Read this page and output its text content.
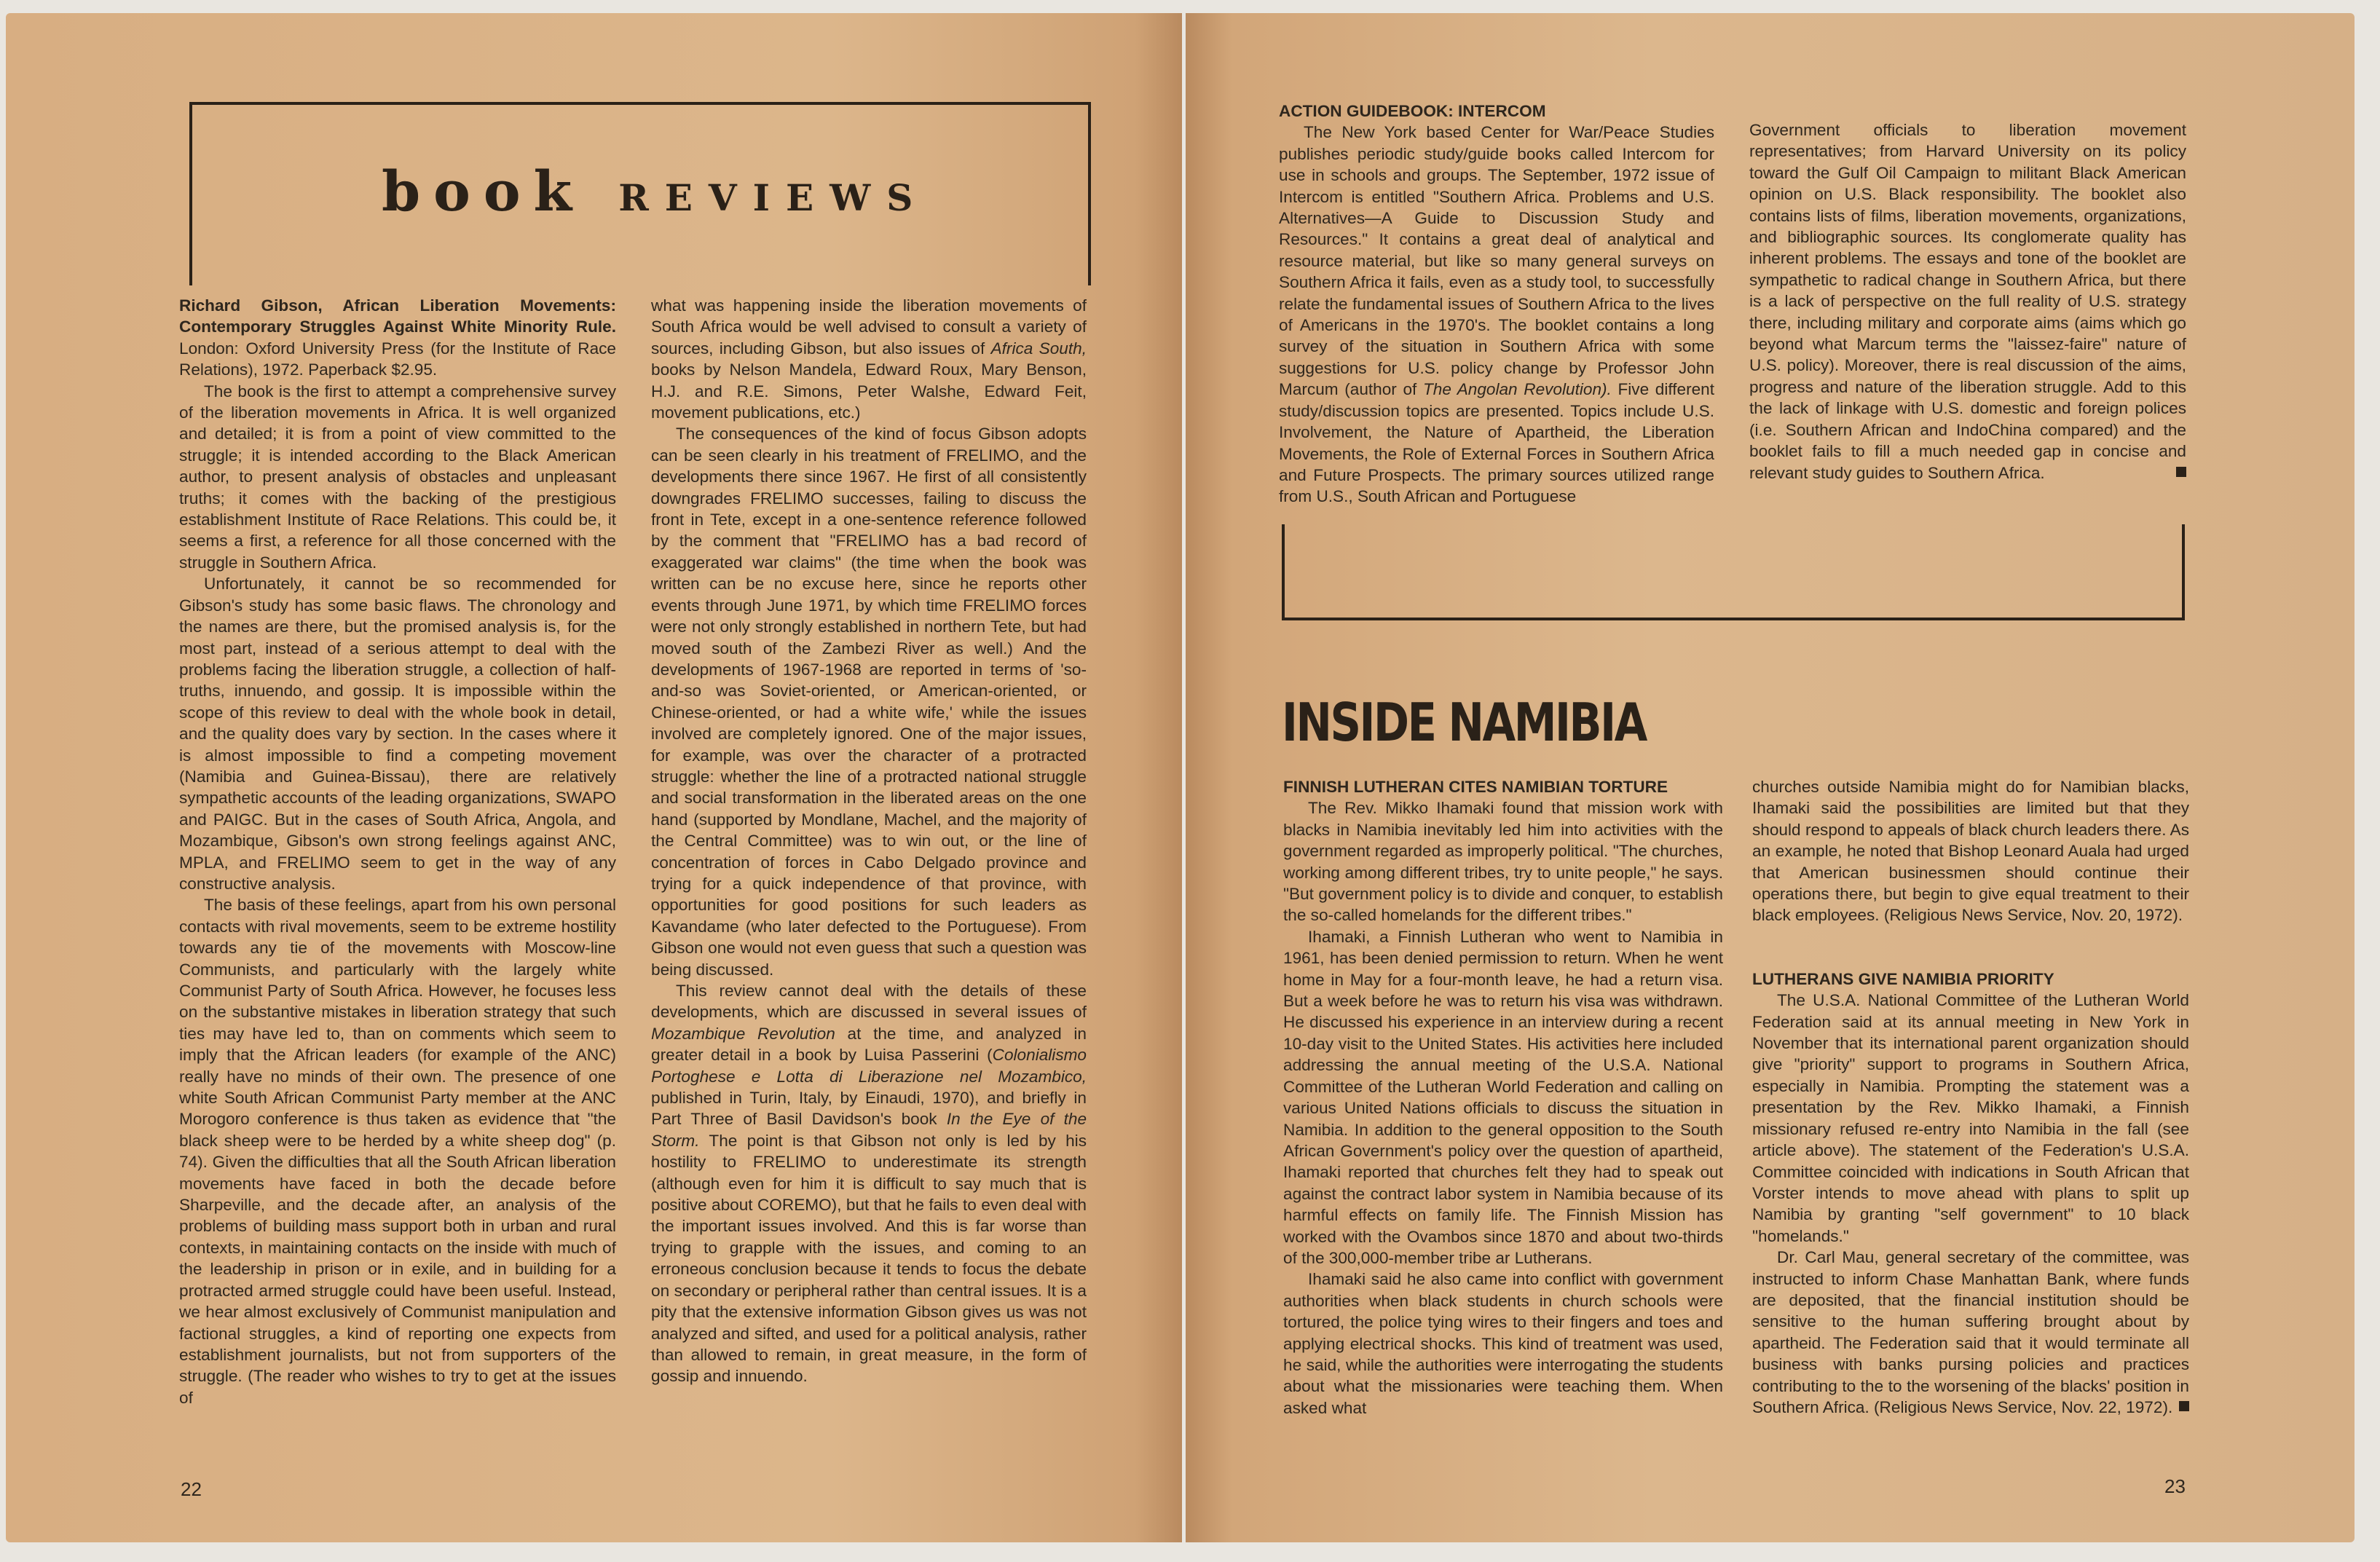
book REVIEWS

Richard Gibson, African Liberation Movements: Contemporary Struggles Against White Minority Rule. London: Oxford University Press (for the Institute of Race Relations), 1972. Paperback $2.95.

The book is the first to attempt a comprehensive survey of the liberation movements in Africa. It is well organized and detailed; it is from a point of view committed to the struggle; it is intended according to the Black American author, to present analysis of obstacles and unpleasant truths; it comes with the backing of the prestigious establishment Institute of Race Relations. This could be, it seems a first, a reference for all those concerned with the struggle in Southern Africa.

Unfortunately, it cannot be so recommended for Gibson's study has some basic flaws. The chronology and the names are there, but the promised analysis is, for the most part, instead of a serious attempt to deal with the problems facing the liberation struggle, a collection of half-truths, innuendo, and gossip. It is impossible within the scope of this review to deal with the whole book in detail, and the quality does vary by section. In the cases where it is almost impossible to find a competing movement (Namibia and Guinea-Bissau), there are relatively sympathetic accounts of the leading organizations, SWAPO and PAIGC. But in the cases of South Africa, Angola, and Mozambique, Gibson's own strong feelings against ANC, MPLA, and FRELIMO seem to get in the way of any constructive analysis.

The basis of these feelings, apart from his own personal contacts with rival movements, seem to be extreme hostility towards any tie of the movements with Moscow-line Communists, and particularly with the largely white Communist Party of South Africa. However, he focuses less on the substantive mistakes in liberation strategy that such ties may have led to, than on comments which seem to imply that the African leaders (for example of the ANC) really have no minds of their own. The presence of one white South African Communist Party member at the ANC Morogoro conference is thus taken as evidence that "the black sheep were to be herded by a white sheep dog" (p. 74). Given the difficulties that all the South African liberation movements have faced in both the decade before Sharpeville, and the decade after, an analysis of the problems of building mass support both in urban and rural contexts, in maintaining contacts on the inside with much of the leadership in prison or in exile, and in building for a protracted armed struggle could have been useful. Instead, we hear almost exclusively of Communist manipulation and factional struggles, a kind of reporting one expects from establishment journalists, but not from supporters of the struggle. (The reader who wishes to try to get at the issues of

what was happening inside the liberation movements of South Africa would be well advised to consult a variety of sources, including Gibson, but also issues of Africa South, books by Nelson Mandela, Edward Roux, Mary Benson, H.J. and R.E. Simons, Peter Walshe, Edward Feit, movement publications, etc.)

The consequences of the kind of focus Gibson adopts can be seen clearly in his treatment of FRELIMO, and the developments there since 1967. He first of all consistently downgrades FRELIMO successes, failing to discuss the front in Tete, except in a one-sentence reference followed by the comment that "FRELIMO has a bad record of exaggerated war claims" (the time when the book was written can be no excuse here, since he reports other events through June 1971, by which time FRELIMO forces were not only strongly established in northern Tete, but had moved south of the Zambezi River as well.) And the developments of 1967-1968 are reported in terms of 'so-and-so was Soviet-oriented, or American-oriented, or Chinese-oriented, or had a white wife,' while the issues involved are completely ignored. One of the major issues, for example, was over the character of a protracted struggle: whether the line of a protracted national struggle and social transformation in the liberated areas on the one hand (supported by Mondlane, Machel, and the majority of the Central Committee) was to win out, or the line of concentration of forces in Cabo Delgado province and trying for a quick independence of that province, with opportunities for good positions for such leaders as Kavandame (who later defected to the Portuguese). From Gibson one would not even guess that such a question was being discussed.

This review cannot deal with the details of these developments, which are discussed in several issues of Mozambique Revolution at the time, and analyzed in greater detail in a book by Luisa Passerini (Colonialismo Portoghese e Lotta di Liberazione nel Mozambico, published in Turin, Italy, by Einaudi, 1970), and briefly in Part Three of Basil Davidson's book In the Eye of the Storm. The point is that Gibson not only is led by his hostility to FRELIMO to underestimate its strength (although even for him it is difficult to say much that is positive about COREMO), but that he fails to even deal with the important issues involved. And this is far worse than trying to grapple with the issues, and coming to an erroneous conclusion because it tends to focus the debate on secondary or peripheral rather than central issues. It is a pity that the extensive information Gibson gives us was not analyzed and sifted, and used for a political analysis, rather than allowed to remain, in great measure, in the form of gossip and innuendo.

22

ACTION GUIDEBOOK: INTERCOM

The New York based Center for War/Peace Studies publishes periodic study/guide books called Intercom for use in schools and groups. The September, 1972 issue of Intercom is entitled "Southern Africa. Problems and U.S. Alternatives—A Guide to Discussion Study and Resources." It contains a great deal of analytical and resource material, but like so many general surveys on Southern Africa it fails, even as a study tool, to successfully relate the fundamental issues of Southern Africa to the lives of Americans in the 1970's. The booklet contains a long survey of the situation in Southern Africa with some suggestions for U.S. policy change by Professor John Marcum (author of The Angolan Revolution). Five different study/discussion topics are presented. Topics include U.S. Involvement, the Nature of Apartheid, the Liberation Movements, the Role of External Forces in Southern Africa and Future Prospects. The primary sources utilized range from U.S., South African and Portuguese

Government officials to liberation movement representatives; from Harvard University on its policy toward the Gulf Oil Campaign to militant Black American opinion on U.S. Black responsibility. The booklet also contains lists of films, liberation movements, organizations, and bibliographic sources. Its conglomerate quality has inherent problems. The essays and tone of the booklet are sympathetic to radical change in Southern Africa, but there is a lack of perspective on the full reality of U.S. strategy there, including military and corporate aims (aims which go beyond what Marcum terms the "laissez-faire" nature of U.S. policy). Moreover, there is real discussion of the aims, progress and nature of the liberation struggle. Add to this the lack of linkage with U.S. domestic and foreign polices (i.e. Southern African and IndoChina compared) and the booklet fails to fill a much needed gap in concise and relevant study guides to Southern Africa.

INSIDE NAMIBIA

FINNISH LUTHERAN CITES NAMIBIAN TORTURE

The Rev. Mikko Ihamaki found that mission work with blacks in Namibia inevitably led him into activities with the government regarded as improperly political. "The churches, working among different tribes, try to unite people," he says. "But government policy is to divide and conquer, to establish the so-called homelands for the different tribes."

Ihamaki, a Finnish Lutheran who went to Namibia in 1961, has been denied permission to return. When he went home in May for a four-month leave, he had a return visa. But a week before he was to return his visa was withdrawn. He discussed his experience in an interview during a recent 10-day visit to the United States. His activities here included addressing the annual meeting of the U.S.A. National Committee of the Lutheran World Federation and calling on various United Nations officials to discuss the situation in Namibia. In addition to the general opposition to the South African Government's policy over the question of apartheid, Ihamaki reported that churches felt they had to speak out against the contract labor system in Namibia because of its harmful effects on family life. The Finnish Mission has worked with the Ovambos since 1870 and about two-thirds of the 300,000-member tribe ar Lutherans.

Ihamaki said he also came into conflict with government authorities when black students in church schools were tortured, the police tying wires to their fingers and toes and applying electrical shocks. This kind of treatment was used, he said, while the authorities were interrogating the students about what the missionaries were teaching them. When asked what

churches outside Namibia might do for Namibian blacks, Ihamaki said the possibilities are limited but that they should respond to appeals of black church leaders there. As an example, he noted that Bishop Leonard Auala had urged that American businessmen should continue their operations there, but begin to give equal treatment to their black employees. (Religious News Service, Nov. 20, 1972).

LUTHERANS GIVE NAMIBIA PRIORITY

The U.S.A. National Committee of the Lutheran World Federation said at its annual meeting in New York in November that its international parent organization should give "priority" support to programs in Southern Africa, especially in Namibia. Prompting the statement was a presentation by the Rev. Mikko Ihamaki, a Finnish missionary refused re-entry into Namibia in the fall (see article above). The statement of the Federation's U.S.A. Committee coincided with indications in South African that Vorster intends to move ahead with plans to split up Namibia by granting "self government" to 10 black "homelands."

Dr. Carl Mau, general secretary of the committee, was instructed to inform Chase Manhattan Bank, where funds are deposited, that the financial institution should be sensitive to the human suffering brought about by apartheid. The Federation said that it would terminate all business with banks pursing policies and practices contributing to the to the worsening of the blacks' position in Southern Africa. (Religious News Service, Nov. 22, 1972).

23
